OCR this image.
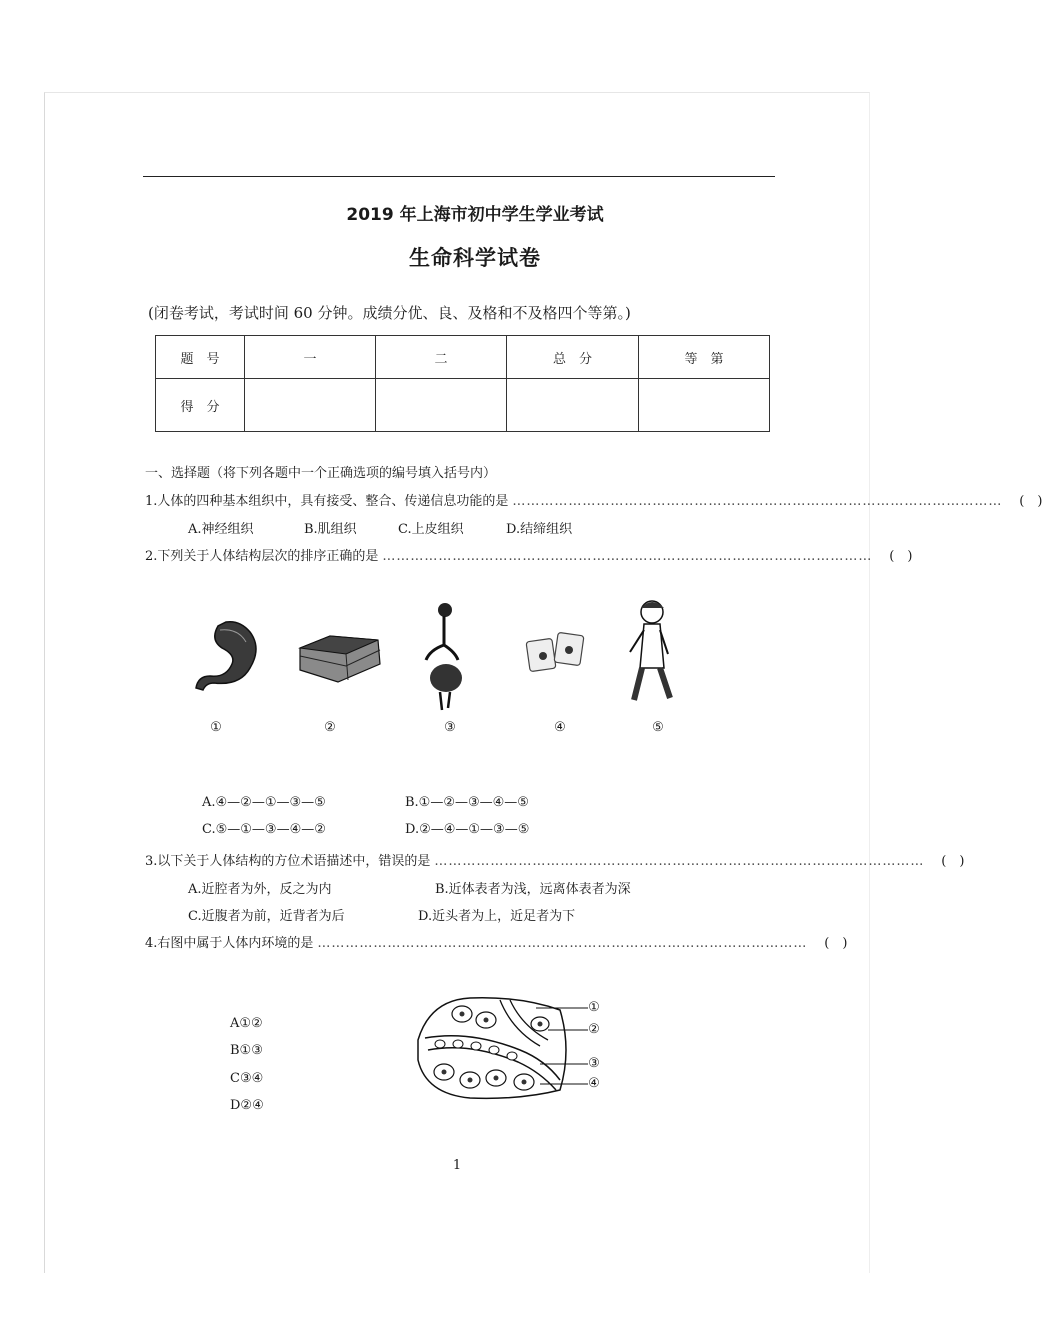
2019 年上海市初中学生学业考试
生命科学试卷
(闭卷考试，考试时间 60 分钟。成绩分优、良、及格和不及格四个等第。)
题　号	一	二	总　分	等　第
得　分				
一、选择题（将下列各题中一个正确选项的编号填入括号内）
1.人体的四种基本组织中，具有接受、整合、传递信息功能的是 ……………………………………………………………………………………………	(　)
A.神经组织	B.肌组织	C.上皮组织	D.结缔组织
2.下列关于人体结构层次的排序正确的是 ……………………………………………………………………………………………	(　)
①	②	③	④	⑤
A.④—②—①—③—⑤	B.①—②—③—④—⑤
C.⑤—①—③—④—②	D.②—④—①—③—⑤
3.以下关于人体结构的方位术语描述中，错误的是 ……………………………………………………………………………………………	(　)
A.近腔者为外，反之为内	B.近体表者为浅，远离体表者为深
C.近腹者为前，近背者为后	D.近头者为上，近足者为下
4.右图中属于人体内环境的是 ……………………………………………………………………………………………	(　)
A①②
B①③
C③④
D②④
①
②
③
④
1
